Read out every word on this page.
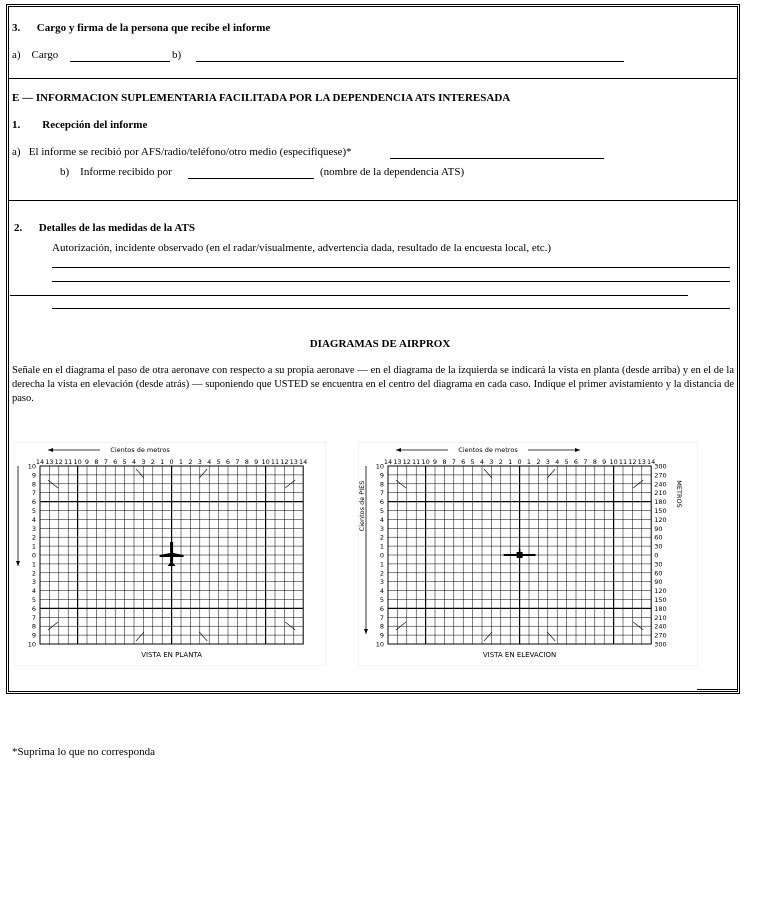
3.      Cargo y firma de la persona que recibe el informe
a)    Cargo	b)
E — INFORMACION SUPLEMENTARIA FACILITADA POR LA DEPENDENCIA ATS INTERESADA
1.        Recepción del informe
a)   El informe se recibió por AFS/radio/teléfono/otro medio (especifíquese)*
b)    Informe recibido por	(nombre de la dependencia ATS)
2.      Detalles de las medidas de la ATS
Autorización, incidente observado (en el radar/visualmente, advertencia dada, resultado de la encuesta local, etc.)
DIAGRAMAS DE AIRPROX
Señale en el diagrama el paso de otra aeronave con respecto a su propia aeronave — en el diagrama de la izquierda se indicará la vista en planta (desde arriba) y en el de la derecha la vista en elevación (desde atrás) — suponiendo que USTED se encuentra en el centro del diagrama en cada caso. Indique el primer avistamiento y la distancia de paso.
14 13 12 11 10 9 8 7 6 5 4 3 2 1 0 1 2 3 4 5 6 7 8 9 10 11 12 13 14
10
9
8
7
6
5
4
3
2
1
0
1
2
3
4
5
6
7
8
9
10
Cientos de metros
VISTA EN PLANTA
14 13 12 11 10 9 8 7 6 5 4 3 2 1 0 1 2 3 4 5 6 7 8 9 10 11 12 13 14
10
9
8
7
6
5
4
3
2
1
0
1
2
3
4
5
6
7
8
9
10
300
270
240
210
180
150
120
90
60
30
0
30
60
90
120
150
180
210
240
270
300
Cientos de metros
Cientos de PIES	METROS
VISTA EN ELEVACION
*Suprima lo que no corresponda
